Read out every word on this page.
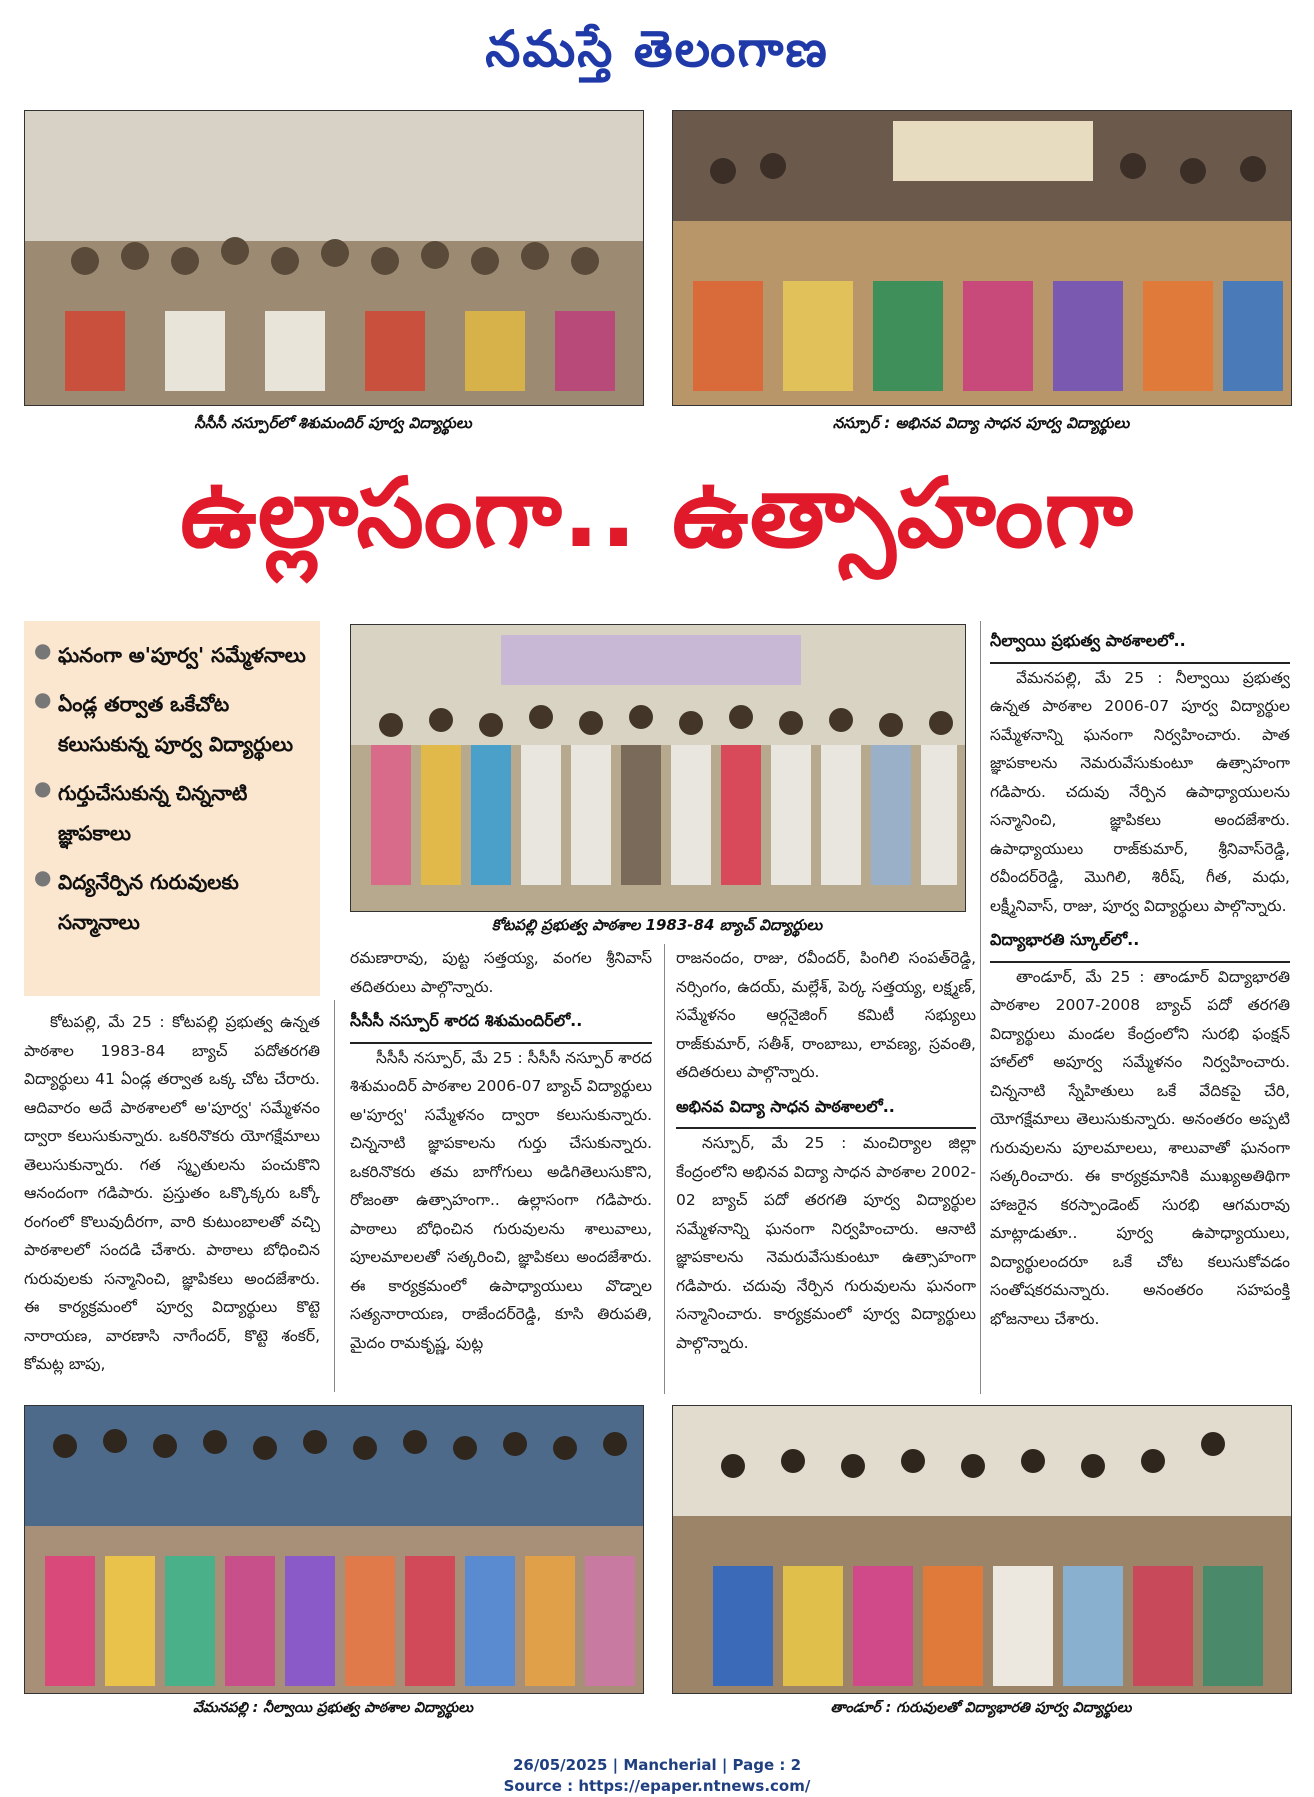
నమస్తే తెలంగాణ
సీసీసీ నస్పూర్‌లో శిశుమందిర్ పూర్వ విద్యార్థులు	నస్పూర్ : అభినవ విద్యా సాధన పూర్వ విద్యార్థులు
ఉల్లాసంగా.. ఉత్సాహంగా
● ఘనంగా అ'పూర్వ' సమ్మేళనాలు
● ఏండ్ల తర్వాత ఒకేచోట కలుసుకున్న పూర్వ విద్యార్థులు
● గుర్తుచేసుకున్న చిన్ననాటి జ్ఞాపకాలు
● విద్యనేర్పిన గురువులకు సన్మానాలు	కోటపల్లి ప్రభుత్వ పాఠశాల 1983-84 బ్యాచ్ విద్యార్థులు

కోటపల్లి, మే 25 : కోటపల్లి ప్రభుత్వ ఉన్నత పాఠశాల 1983-84 బ్యాచ్ పదోతరగతి విద్యార్థులు 41 ఏండ్ల తర్వాత ఒక్క చోట చేరారు. ఆదివారం అదే పాఠశాలలో అ'పూర్వ' సమ్మేళనం ద్వారా కలుసుకున్నారు. ఒకరినొకరు యోగక్షేమాలు తెలుసుకున్నారు. గత స్మృతులను పంచుకొని ఆనందంగా గడిపారు. ప్రస్తుతం ఒక్కొక్కరు ఒక్కో రంగంలో కొలువుదీరగా, వారి కుటుంబాలతో వచ్చి పాఠశాలలో సందడి చేశారు. పాఠాలు బోధించిన గురువులకు సన్మానించి, జ్ఞాపికలు అందజేశారు. ఈ కార్యక్రమంలో పూర్వ విద్యార్థులు కొట్టె నారాయణ, వారణాసి నాగేందర్, కొట్టె శంకర్, కోమట్ల బాపు,

రమణారావు, పుట్ట సత్తయ్య, వంగల శ్రీనివాస్ తదితరులు పాల్గొన్నారు.

సీసీసీ నస్పూర్ శారద శిశుమందిర్‌లో..

సీసీసీ నస్పూర్, మే 25 : సీసీసీ నస్పూర్ శారద శిశుమందిర్ పాఠశాల 2006-07 బ్యాచ్ విద్యార్థులు అ'పూర్వ' సమ్మేళనం ద్వారా కలుసుకున్నారు. చిన్ననాటి జ్ఞాపకాలను గుర్తు చేసుకున్నారు. ఒకరినొకరు తమ బాగోగులు అడిగితెలుసుకొని, రోజంతా ఉత్సాహంగా.. ఉల్లాసంగా గడిపారు. పాఠాలు బోధించిన గురువులను శాలువాలు, పూలమాలలతో సత్కరించి, జ్ఞాపికలు అందజేశారు. ఈ కార్యక్రమంలో ఉపాధ్యాయులు వొడ్నాల సత్యనారాయణ, రాజేందర్‌రెడ్డి, కూసి తిరుపతి, మైదం రామకృష్ణ, పుట్ల

రాజనందం, రాజు, రవీందర్, పింగిలి సంపత్‌రెడ్డి, నర్సింగం, ఉదయ్, మల్లేశ్, పెర్క సత్తయ్య, లక్ష్మణ్, సమ్మేళనం ఆర్గనైజింగ్ కమిటీ సభ్యులు రాజ్‌కుమార్, సతీశ్, రాంబాబు, లావణ్య, స్రవంతి, తదితరులు పాల్గొన్నారు.

అభినవ విద్యా సాధన పాఠశాలలో..

నస్పూర్, మే 25 : మంచిర్యాల జిల్లా కేంద్రంలోని అభినవ విద్యా సాధన పాఠశాల 2002-02 బ్యాచ్ పదో తరగతి పూర్వ విద్యార్థుల సమ్మేళనాన్ని ఘనంగా నిర్వహించారు. ఆనాటి జ్ఞాపకాలను నెమరువేసుకుంటూ ఉత్సాహంగా గడిపారు. చదువు నేర్పిన గురువులను ఘనంగా సన్మానించారు. కార్యక్రమంలో పూర్వ విద్యార్థులు పాల్గొన్నారు.

నీల్వాయి ప్రభుత్వ పాఠశాలలో..

వేమనపల్లి, మే 25 : నీల్వాయి ప్రభుత్వ ఉన్నత పాఠశాల 2006-07 పూర్వ విద్యార్థుల సమ్మేళనాన్ని ఘనంగా నిర్వహించారు. పాత జ్ఞాపకాలను నెమరువేసుకుంటూ ఉత్సాహంగా గడిపారు. చదువు నేర్పిన ఉపాధ్యాయులను సన్మానించి, జ్ఞాపికలు అందజేశారు. ఉపాధ్యాయులు రాజ్‌కుమార్, శ్రీనివాస్‌రెడ్డి, రవీందర్‌రెడ్డి, మొగిలి, శిరీష్, గీత, మధు, లక్ష్మీనివాస్, రాజు, పూర్వ విద్యార్థులు పాల్గొన్నారు.

విద్యాభారతి స్కూల్‌లో..

తాండూర్, మే 25 : తాండూర్ విద్యాభారతి పాఠశాల 2007-2008 బ్యాచ్ పదో తరగతి విద్యార్థులు మండల కేంద్రంలోని సురభి ఫంక్షన్ హాల్‌లో అపూర్వ సమ్మేళనం నిర్వహించారు. చిన్ననాటి స్నేహితులు ఒకే వేదికపై చేరి, యోగక్షేమాలు తెలుసుకున్నారు. అనంతరం అప్పటి గురువులను పూలమాలలు, శాలువాతో ఘనంగా సత్కరించారు. ఈ కార్యక్రమానికి ముఖ్యఅతిథిగా హాజరైన కరస్పాండెంట్ సురభి ఆగమరావు మాట్లాడుతూ.. పూర్వ ఉపాధ్యాయులు, విద్యార్థులందరూ ఒకే చోట కలుసుకోవడం సంతోషకరమన్నారు. అనంతరం సహపంక్తి భోజనాలు చేశారు.

వేమనపల్లి : నీల్వాయి ప్రభుత్వ పాఠశాల విద్యార్థులు	తాండూర్ : గురువులతో విద్యాభారతి పూర్వ విద్యార్థులు
26/05/2025 | Mancherial | Page : 2
Source : https://epaper.ntnews.com/
